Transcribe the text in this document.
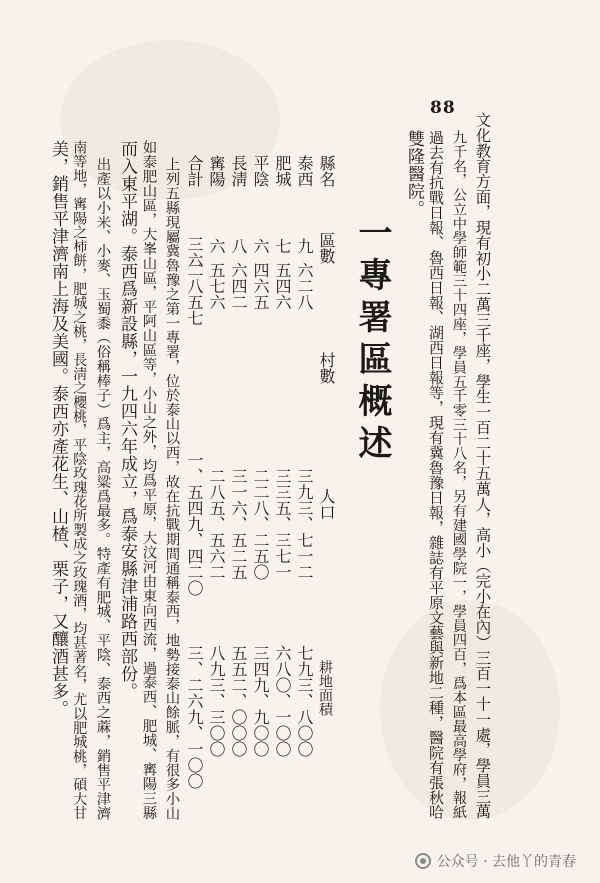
88
文化教育方面，現有初小二萬三千座，學生一百二十五萬人，高小（完小在內）三百一十一處，學員三萬
九千名，公立中學師範三十四座，學員五千零三十八名，另有建國學院一，學員四百，爲本區最高學府，報紙
過去有抗戰日報、魯西日報、湖西日報等，現有冀魯豫日報，雜誌有平原文藝與新地二種，醫院有張秋哈
雙隆醫院。
一專署區概述
縣名
區數
村數
人口
耕地面積
泰西
九
六二八
三九三、七一二
七九三、八〇〇
肥城
七
五四六
三三五、三七一
六八〇、一〇〇
平陰
六
四六五
二二八、二五〇
三四九、九〇〇
長淸
八
六四二
三一六、五二五
五五二、〇〇〇
寗陽
六
五七六
二八五、五六二
八九三、三〇〇
合計
三六
二八五七
一、五四九、四二〇
三、二六九、一〇〇
上列五縣現屬冀魯豫之第一專署，位於泰山以西，故在抗戰期間通稱泰西，地勢接泰山餘脈，有很多小山
如泰肥山區，大峯山區，平阿山區等，小山之外，均爲平原，大汶河由東向西流，過泰西、肥城、寗陽三縣
而入東平湖。泰西爲新設縣，一九四六年成立，爲泰安縣津浦路西部份。
出產以小米、小麥、玉蜀黍（俗稱棒子）爲主，高粱爲最多。特產有肥城、平陰、泰西之蔴，銷售平津濟
南等地，寗陽之柿餅，肥城之桃，長淸之櫻桃，平陰玫瑰花所製成之玫瑰酒，均甚著名，尤以肥城桃，碩大甘
美，銷售平津濟南上海及美國。泰西亦產花生、山楂、栗子，又釀酒甚多。
公众号 · 去他丫的青春
